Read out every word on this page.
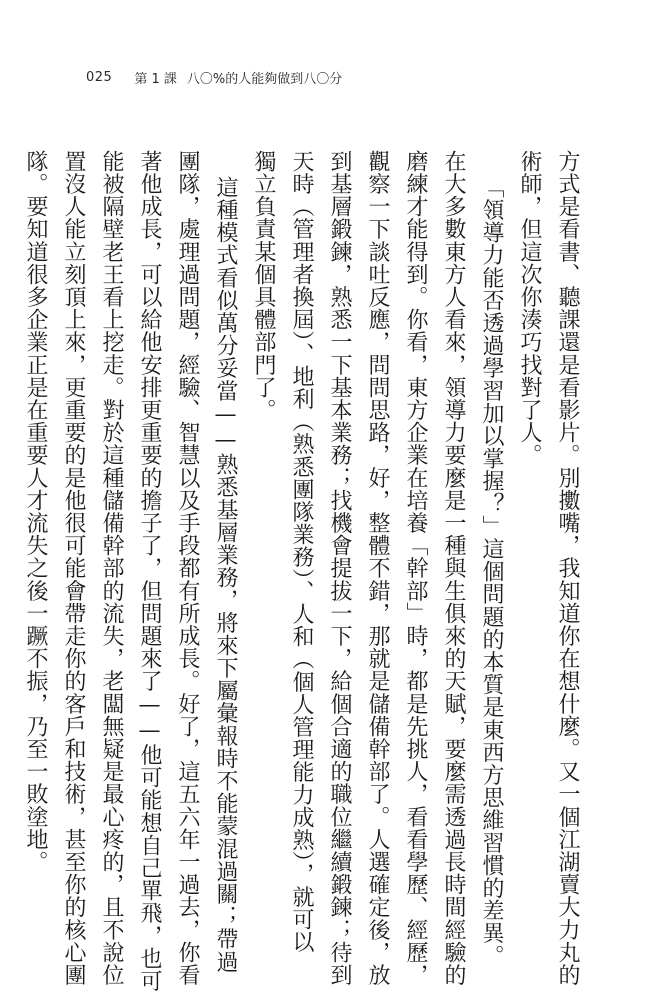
025 第 1 課 八〇%的人能夠做到八〇分
方式是看書、聽課還是看影片。別擻嘴，我知道你在想什麼。又一個江湖賣大力丸的
術師，但這次你湊巧找對了人。
「領導力能否透過學習加以掌握？」這個問題的本質是東西方思維習慣的差異。
在大多數東方人看來，領導力要麼是一種與生俱來的天賦，要麼需透過長時間經驗的
磨練才能得到。你看，東方企業在培養「幹部」時，都是先挑人，看看學歷、經歷，
觀察一下談吐反應，問問思路，好，整體不錯，那就是儲備幹部了。人選確定後，放
到基層鍛鍊，熟悉一下基本業務；找機會提拔一下，給個合適的職位繼續鍛鍊；待到
天時（管理者換屆）、地利（熟悉團隊業務）、人和（個人管理能力成熟），就可以
獨立負責某個具體部門了。
這種模式看似萬分妥當——熟悉基層業務，將來下屬彙報時不能蒙混過關；帶過
團隊，處理過問題，經驗、智慧以及手段都有所成長。好了，這五六年一過去，你看
著他成長，可以給他安排更重要的擔子了，但問題來了——他可能想自己單飛，也可
能被隔壁老王看上挖走。對於這種儲備幹部的流失，老闆無疑是最心疼的，且不說位
置沒人能立刻頂上來，更重要的是他很可能會帶走你的客戶和技術，甚至你的核心團
隊。要知道很多企業正是在重要人才流失之後一蹶不振，乃至一敗塗地。
